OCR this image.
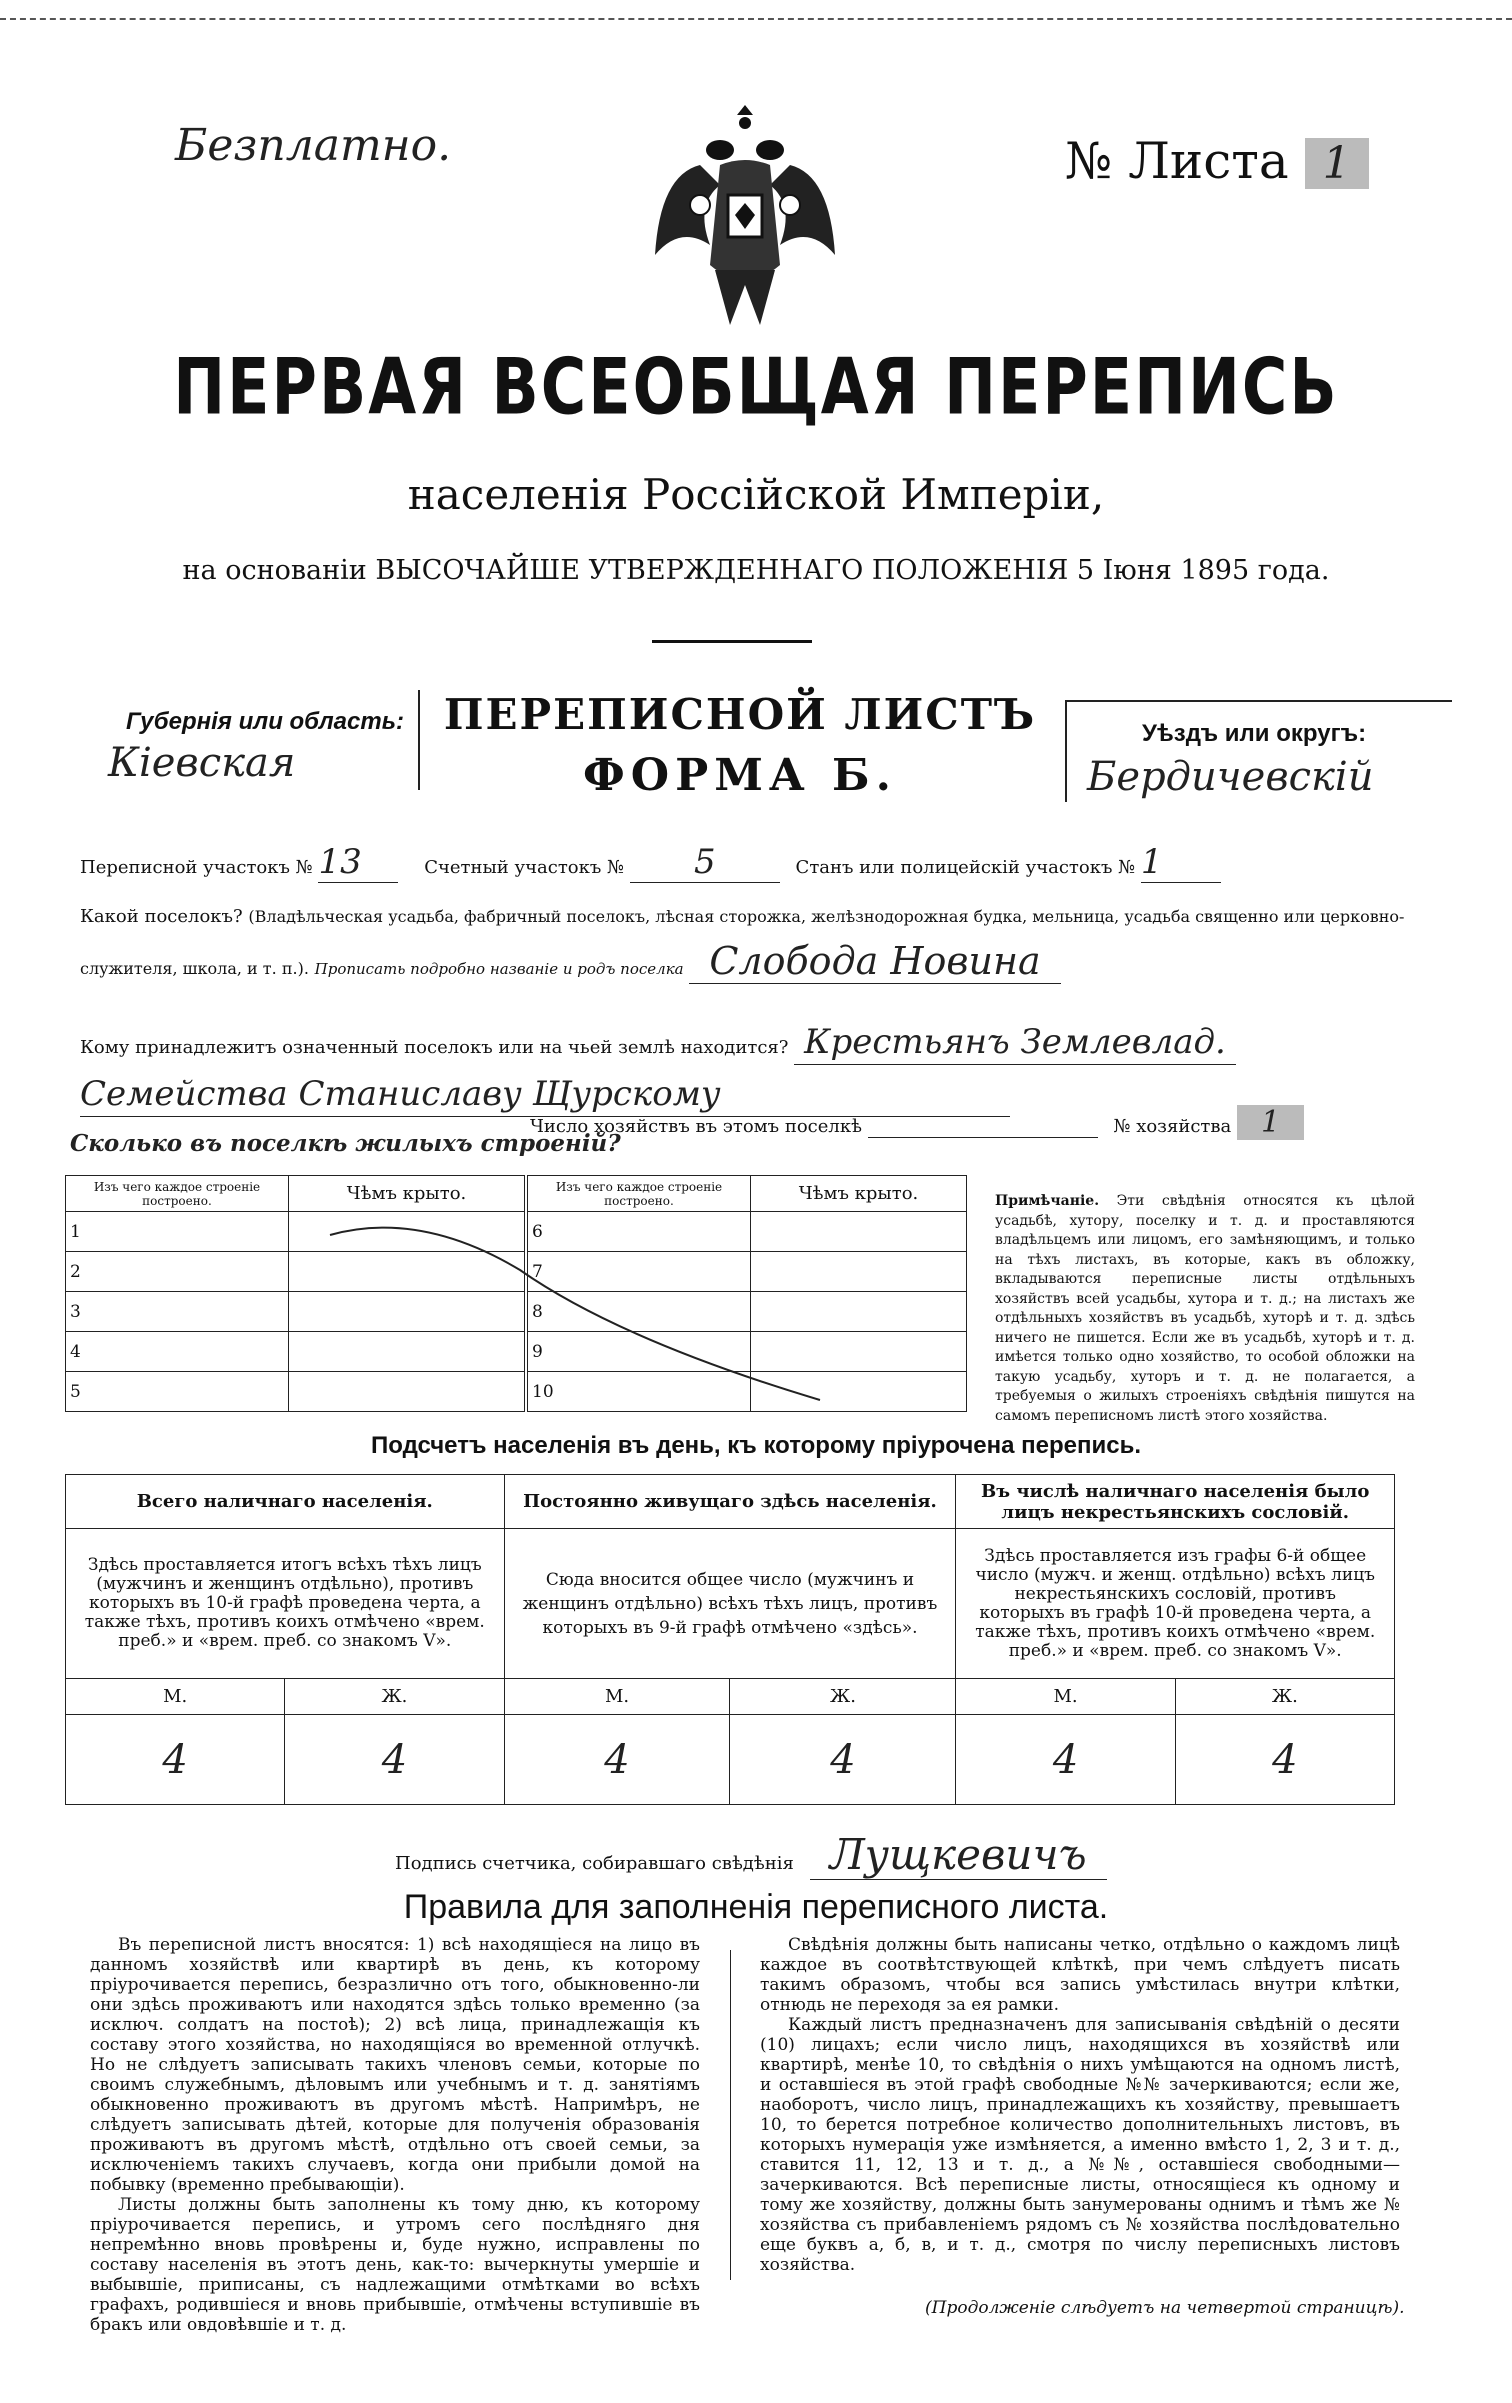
Безплатно.	№ Листа 1
ПЕРВАЯ ВСЕОБЩАЯ ПЕРЕПИСЬ
населенія Россійской Имперіи,
на основаніи ВЫСОЧАЙШЕ УТВЕРЖДЕННАГО ПОЛОЖЕНІЯ 5 Іюня 1895 года.
Губернія или область:
Кіевская
ПЕРЕПИСНОЙ ЛИСТЪ
ФОРМА Б.
Уѣздъ или округъ:
Бердичевскій
Переписной участокъ № 13	Счетный участокъ № 5	Станъ или полицейскій участокъ № 1
Какой поселокъ? (Владѣльческая усадьба, фабричный поселокъ, лѣсная сторожка, желѣзнодорожная будка, мельница, усадьба священно или церковно-служителя, школа, и т. п.). Прописать подробно названіе и родъ поселка Слобода Новина
Кому принадлежитъ означенный поселокъ или на чьей землѣ находится? Крестьянъ Землевлад.
Семейства Станиславу Щурскому
Число хозяйствъ въ этомъ поселкѣ	№ хозяйства 1
Сколько въ поселкѣ жилыхъ строеній?
Изъ чего каждое строеніе построено.	Чѣмъ крыто.
1	
2	
3	
4	
5	
Изъ чего каждое строеніе построено.	Чѣмъ крыто.
6	
7	
8	
9	
10	
Примѣчаніе. Эти свѣдѣнія относятся къ цѣлой усадьбѣ, хутору, поселку и т. д. и проставляются владѣльцемъ или лицомъ, его замѣняющимъ, и только на тѣхъ листахъ, въ которые, какъ въ обложку, вкладываются переписные листы отдѣльныхъ хозяйствъ всей усадьбы, хутора и т. д.; на листахъ же отдѣльныхъ хозяйствъ въ усадьбѣ, хуторѣ и т. д. здѣсь ничего не пишется. Если же въ усадьбѣ, хуторѣ и т. д. имѣется только одно хозяйство, то особой обложки на такую усадьбу, хуторъ и т. д. не полагается, а требуемыя о жилыхъ строеніяхъ свѣдѣнія пишутся на самомъ переписномъ листѣ этого хозяйства.
Подсчетъ населенія въ день, къ которому пріурочена перепись.
Всего наличнаго населенія.		Постоянно живущаго здѣсь населенія.		Въ числѣ наличнаго населенія было лицъ некрестьянскихъ сословій.	
Здѣсь проставляется итогъ всѣхъ тѣхъ лицъ (мужчинъ и женщинъ отдѣльно), противъ которыхъ въ 10-й графѣ проведена черта, а также тѣхъ, противъ коихъ отмѣчено «врем. преб.» и «врем. преб. со знакомъ V».		Сюда вносится общее число (мужчинъ и женщинъ отдѣльно) всѣхъ тѣхъ лицъ, противъ которыхъ въ 9-й графѣ отмѣчено «здѣсь».		Здѣсь проставляется изъ графы 6-й общее число (мужч. и женщ. отдѣльно) всѣхъ лицъ некрестьянскихъ сословій, противъ которыхъ въ графѣ 10-й проведена черта, а также тѣхъ, противъ коихъ отмѣчено «врем. преб.» и «врем. преб. со знакомъ V».	
М.	Ж.	М.	Ж.	М.	Ж.
4	4	4	4	4	4
Подпись счетчика, собиравшаго свѣдѣнія Лущкевичъ
Правила для заполненія переписного листа.

Въ переписной листъ вносятся: 1) всѣ находящіеся на лицо въ данномъ хозяйствѣ или квартирѣ въ день, къ которому пріурочивается перепись, безразлично отъ того, обыкновенно-ли они здѣсь проживаютъ или находятся здѣсь только временно (за исключ. солдатъ на постоѣ); 2) всѣ лица, принадлежащія къ составу этого хозяйства, но находящіяся во временной отлучкѣ. Но не слѣдуетъ записывать такихъ членовъ семьи, которые по своимъ служебнымъ, дѣловымъ или учебнымъ и т. д. занятіямъ обыкновенно проживаютъ въ другомъ мѣстѣ. Напримѣръ, не слѣдуетъ записывать дѣтей, которые для полученія образованія проживаютъ въ другомъ мѣстѣ, отдѣльно отъ своей семьи, за исключеніемъ такихъ случаевъ, когда они прибыли домой на побывку (временно пребывающіи).

Листы должны быть заполнены къ тому дню, къ которому пріурочивается перепись, и утромъ сего послѣдняго дня непремѣнно вновь провѣрены и, буде нужно, исправлены по составу населенія въ этотъ день, как-то: вычеркнуты умершіе и выбывшіе, приписаны, съ надлежащими отмѣтками во всѣхъ графахъ, родившіеся и вновь прибывшіе, отмѣчены вступившіе въ бракъ или овдовѣвшіе и т. д.

Свѣдѣнія должны быть написаны четко, отдѣльно о каждомъ лицѣ каждое въ соотвѣтствующей клѣткѣ, при чемъ слѣдуетъ писать такимъ образомъ, чтобы вся запись умѣстилась внутри клѣтки, отнюдь не переходя за ея рамки.

Каждый листъ предназначенъ для записыванія свѣдѣній о десяти (10) лицахъ; если число лицъ, находящихся въ хозяйствѣ или квартирѣ, менѣе 10, то свѣдѣнія о нихъ умѣщаются на одномъ листѣ, и оставшіеся въ этой графѣ свободные №№ зачеркиваются; если же, наоборотъ, число лицъ, принадлежащихъ къ хозяйству, превышаетъ 10, то берется потребное количество дополнительныхъ листовъ, въ которыхъ нумерація уже измѣняется, а именно вмѣсто 1, 2, 3 и т. д., ставится 11, 12, 13 и т. д., а №№, оставшіеся свободными—зачеркиваются. Всѣ переписные листы, относящіеся къ одному и тому же хозяйству, должны быть занумерованы однимъ и тѣмъ же № хозяйства съ прибавленіемъ рядомъ съ № хозяйства послѣдовательно еще буквъ а, б, в, и т. д., смотря по числу переписныхъ листовъ хозяйства.

(Продолженіе слѣдуетъ на четвертой страницѣ).
